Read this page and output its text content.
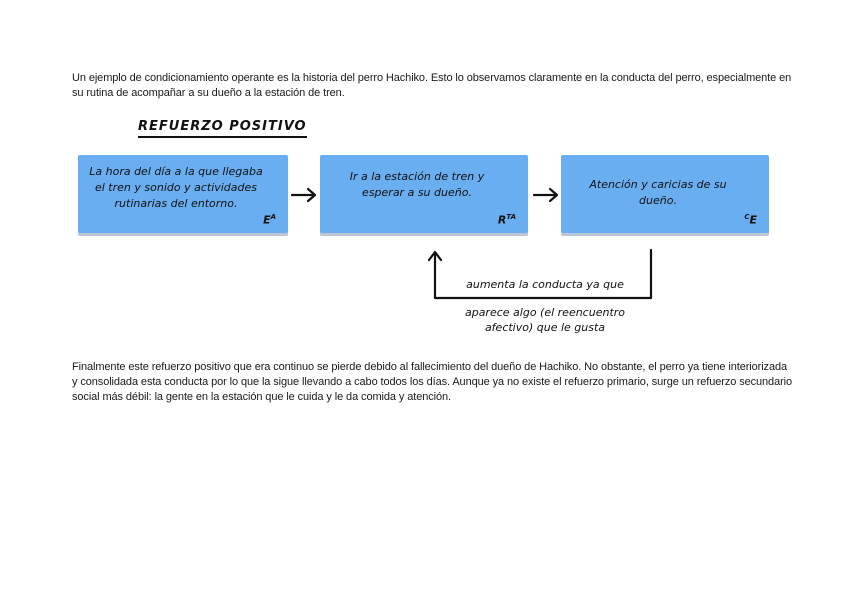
Un ejemplo de condicionamiento operante es la historia del perro Hachiko. Esto lo observamos claramente en la conducta del perro, especialmente en su rutina de acompañar a su dueño a la estación de tren.

REFUERZO POSITIVO
La hora del día a la que llegaba el tren y sonido y actividades rutinarias del entorno.
$E^A$
Ir a la estación de tren y esperar a su dueño.
$R^{TA}$
Atención y caricias de su dueño.
$^C$E
aumenta la conducta ya que
aparece algo (el reencuentro afectivo) que le gusta

Finalmente este refuerzo positivo que era continuo se pierde debido al fallecimiento del dueño de Hachiko. No obstante, el perro ya tiene interiorizada y consolidada esta conducta por lo que la sigue llevando a cabo todos los días. Aunque ya no existe el refuerzo primario, surge un refuerzo secundario social más débil: la gente en la estación que le cuida y le da comida y atención.
